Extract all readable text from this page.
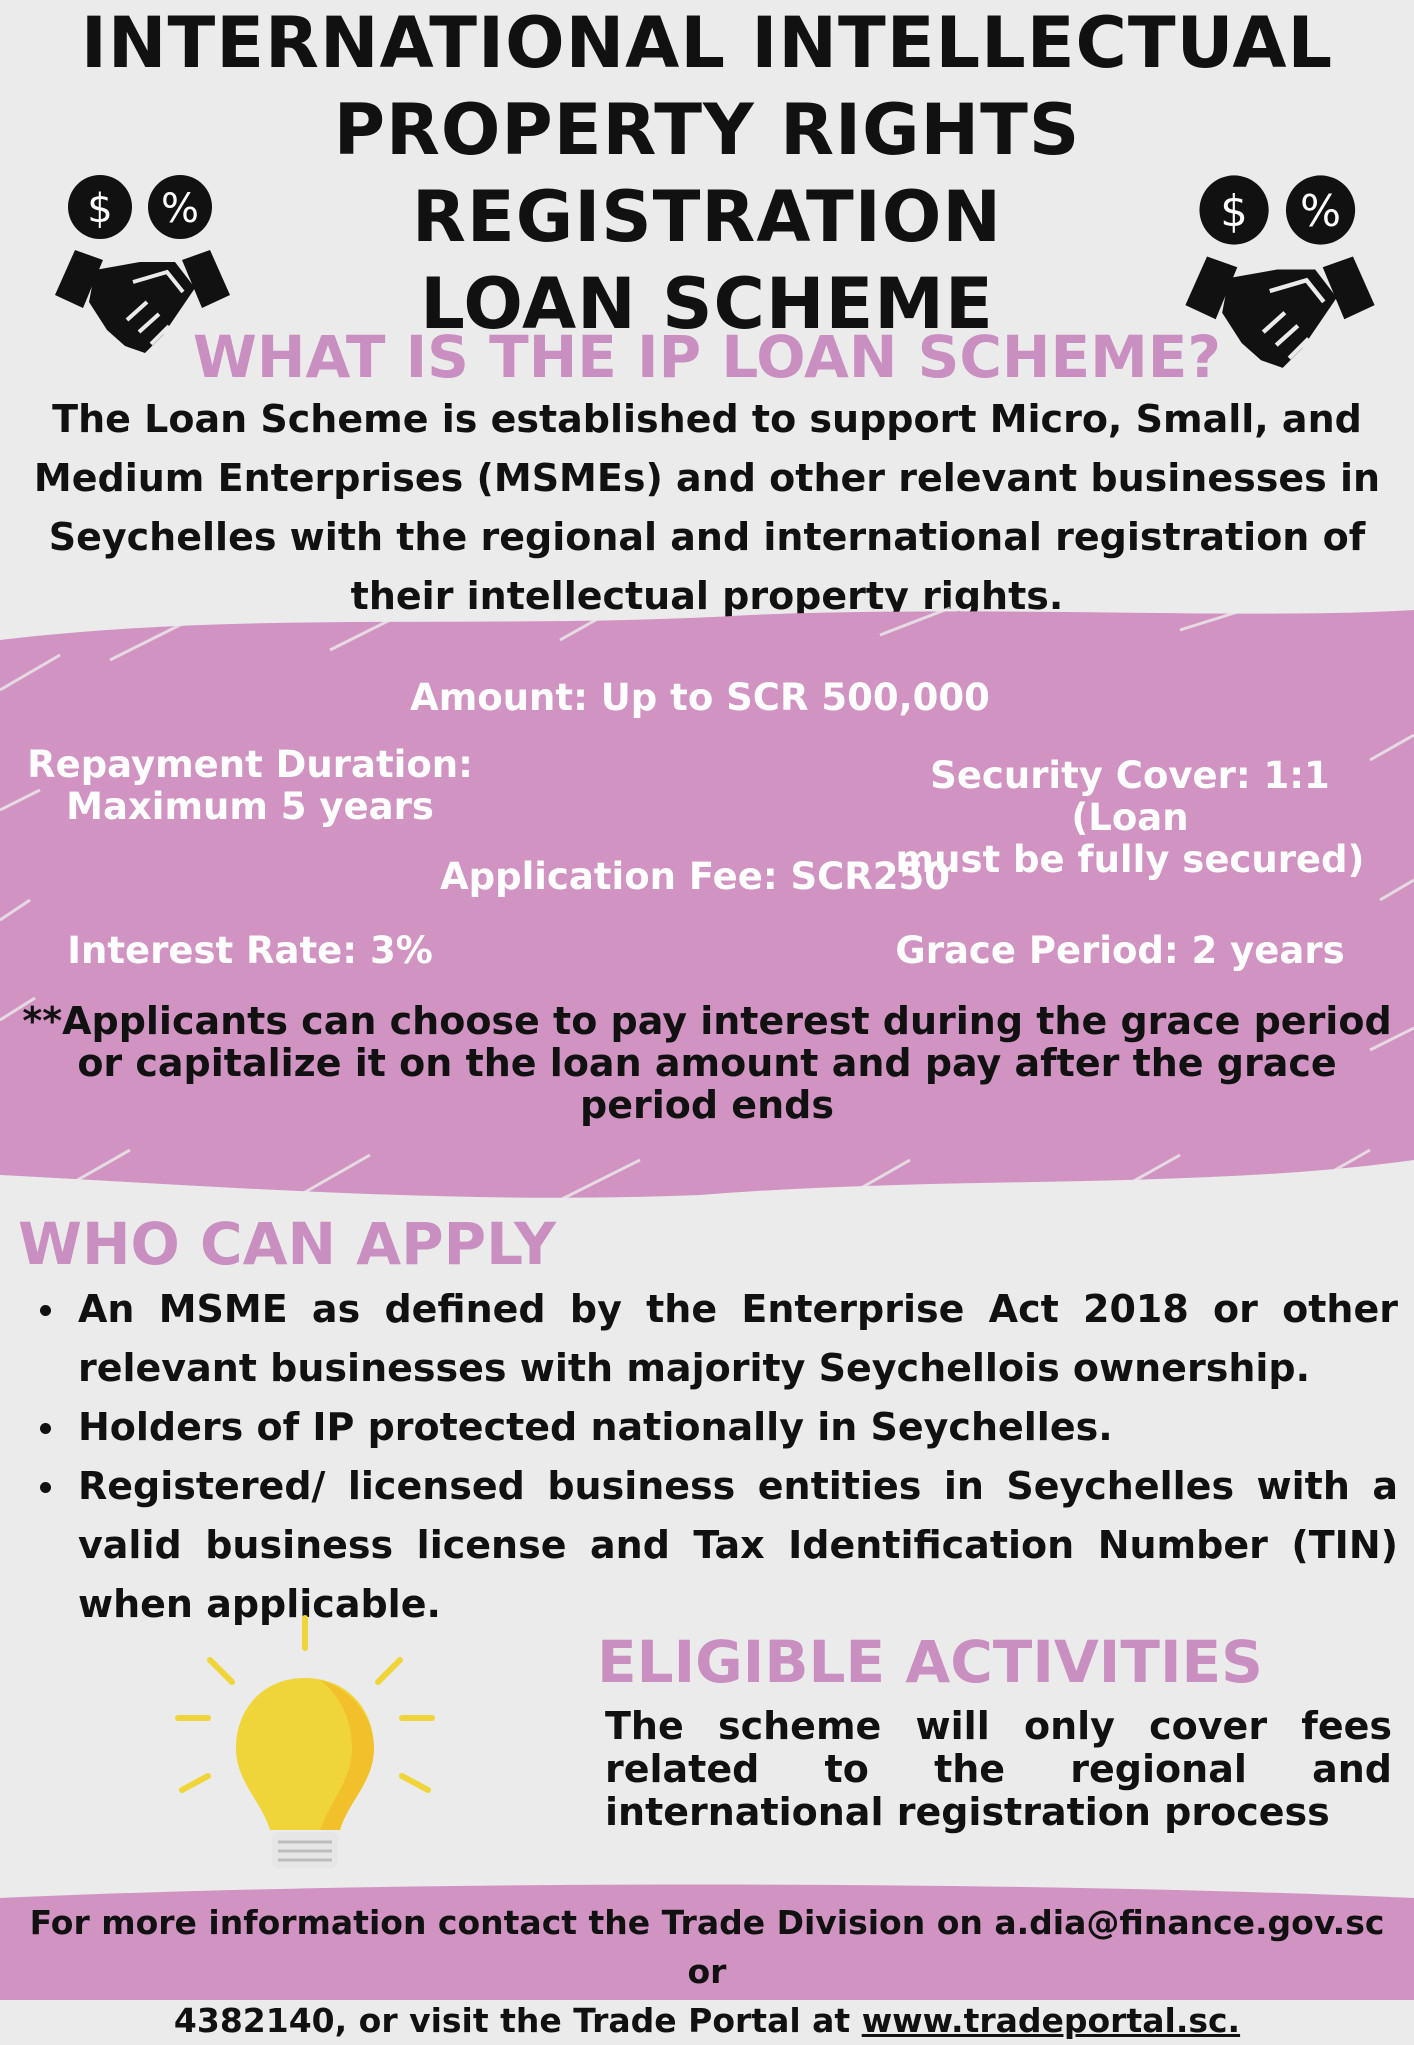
INTERNATIONAL INTELLECTUAL
PROPERTY RIGHTS REGISTRATION
LOAN SCHEME
$ %	$ %
WHAT IS THE IP LOAN SCHEME?
The Loan Scheme is established to support Micro, Small, and Medium Enterprises (MSMEs) and other relevant businesses in Seychelles with the regional and international registration of their intellectual property rights.
Amount: Up to SCR 500,000
Repayment Duration:
Maximum 5 years
Security Cover: 1:1 (Loan
must be fully secured)
Application Fee: SCR250
Interest Rate: 3%	Grace Period: 2 years
**Applicants can choose to pay interest during the grace period or capitalize it on the loan amount and pay after the grace period ends
WHO CAN APPLY
An MSME as defined by the Enterprise Act 2018 or other relevant businesses with majority Seychellois ownership.
Holders of IP protected nationally in Seychelles.
Registered/ licensed business entities in Seychelles with a valid business license and Tax Identification Number (TIN) when applicable.
ELIGIBLE ACTIVITIES
The scheme will only cover fees related to the regional and international registration process
For more information contact the Trade Division on a.dia@finance.gov.sc or
4382140, or visit the Trade Portal at www.tradeportal.sc.
